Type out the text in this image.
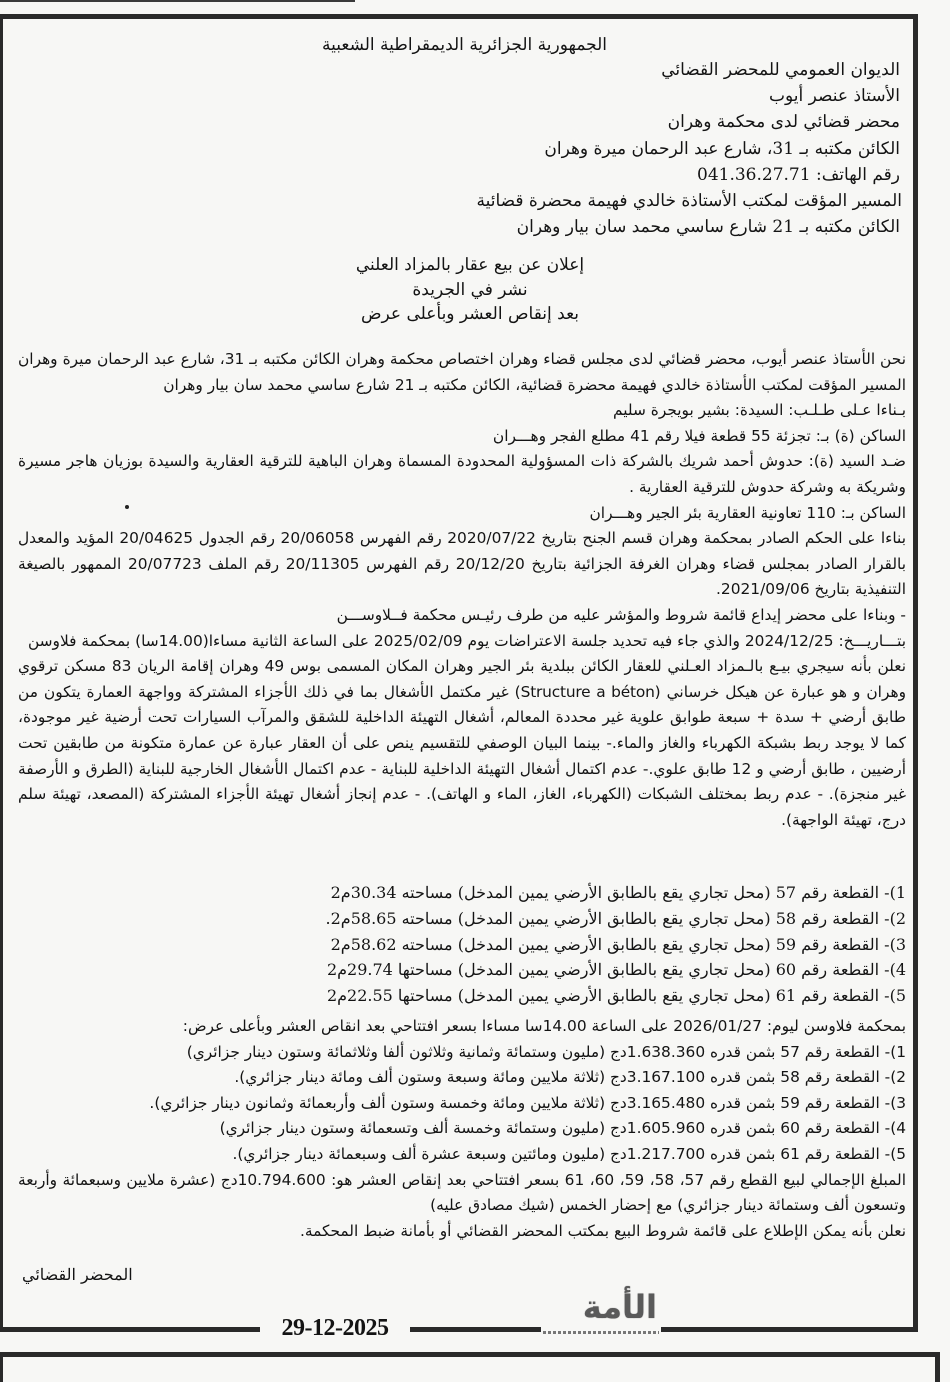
الجمهورية الجزائرية الديمقراطية الشعبية
الديوان العمومي للمحضر القضائي
الأستاذ عنصر أيوب
محضر قضائي لدى محكمة وهران
الكائن مكتبه بـ 31، شارع عبد الرحمان ميرة وهران
رقم الهاتف: 041.36.27.71
المسير المؤقت لمكتب الأستاذة خالدي فهيمة محضرة قضائية
الكائن مكتبه بـ 21 شارع ساسي محمد سان بيار وهران
إعلان عن بيع عقار بالمزاد العلني
نشر في الجريدة
بعد إنقاص العشر وبأعلى عرض

نحن الأستاذ عنصر أيوب، محضر قضائي لدى مجلس قضاء وهران اختصاص محكمة وهران الكائن مكتبه بـ 31، شارع عبد الرحمان ميرة وهران المسير المؤقت لمكتب الأستاذة خالدي فهيمة محضرة قضائية، الكائن مكتبه بـ 21 شارع ساسي محمد سان بيار وهران

بـناءا عـلى طـلـب: السيدة: بشير بويجرة سليم

الساكن (ة) بـ: تجزئة 55 قطعة فيلا رقم 41 مطلع الفجر وهـــران

ضـد السيد (ة): حدوش أحمد شريك بالشركة ذات المسؤولية المحدودة المسماة وهران الباهية للترقية العقارية والسيدة بوزيان هاجر مسيرة وشريكة به وشركة حدوش للترقية العقارية .

الساكن بـ: 110 تعاونية العقارية بئر الجير وهـــران

بناءا على الحكم الصادر بمحكمة وهران قسم الجنح بتاريخ 2020/07/22 رقم الفهرس 20/06058 رقم الجدول 20/04625 المؤيد والمعدل بالقرار الصادر بمجلس قضاء وهران الغرفة الجزائية بتاريخ 20/12/20 رقم الفهرس 20/11305 رقم الملف 20/07723 الممهور بالصيغة التنفيذية بتاريخ 2021/09/06.

- وبناءا على محضر إيداع قائمة شروط والمؤشر عليه من طرف رئيـس محكمة فــلاوســـن

بتـــاريـــخ: 2024/12/25 والذي جاء فيه تحديد جلسة الاعتراضات يوم 2025/02/09 على الساعة الثانية مساءا(14.00سا) بمحكمة فلاوسن

نعلن بأنه سيجري بيـع بالـمزاد العـلني للعقار الكائن ببلدية بئر الجير وهران المكان المسمى بوس 49 وهران إقامة الريان 83 مسكن ترقوي وهران و هو عبارة عن هيكل خرساني (Structure a béton) غير مكتمل الأشغال بما في ذلك الأجزاء المشتركة وواجهة العمارة يتكون من طابق أرضي + سدة + سبعة طوابق علوية غير محددة المعالم، أشغال التهيئة الداخلية للشقق والمرآب السيارات تحت أرضية غير موجودة، كما لا يوجد ربط بشبكة الكهرباء والغاز والماء.- بينما البيان الوصفي للتقسيم ينص على أن العقار عبارة عن عمارة متكونة من طابقين تحت أرضيين ، طابق أرضي و 12 طابق علوي.- عدم اكتمال أشغال التهيئة الداخلية للبناية - عدم اكتمال الأشغال الخارجية للبناية (الطرق و الأرصفة غير منجزة). - عدم ربط بمختلف الشبكات (الكهرباء، الغاز، الماء و الهاتف). - عدم إنجاز أشغال تهيئة الأجزاء المشتركة (المصعد، تهيئة سلم درج، تهيئة الواجهة).

1)- القطعة رقم 57 (محل تجاري يقع بالطابق الأرضي يمين المدخل) مساحته 30.34م2
2)- القطعة رقم 58 (محل تجاري يقع بالطابق الأرضي يمين المدخل) مساحته 58.65م2.
3)- القطعة رقم 59 (محل تجاري يقع بالطابق الأرضي يمين المدخل) مساحته 58.62م2
4)- القطعة رقم 60 (محل تجاري يقع بالطابق الأرضي يمين المدخل) مساحتها 29.74م2
5)- القطعة رقم 61 (محل تجاري يقع بالطابق الأرضي يمين المدخل) مساحتها 22.55م2

بمحكمة فلاوسن ليوم: 2026/01/27 على الساعة 14.00سا مساءا بسعر افتتاحي بعد انقاص العشر وبأعلى عرض:

1)- القطعة رقم 57 بثمن قدره 1.638.360دج (مليون وستمائة وثمانية وثلاثون ألفا وثلاثمائة وستون دينار جزائري)

2)- القطعة رقم 58 بثمن قدره 3.167.100دج (ثلاثة ملايين ومائة وسبعة وستون ألف ومائة دينار جزائري).

3)- القطعة رقم 59 بثمن قدره 3.165.480دج (ثلاثة ملايين ومائة وخمسة وستون ألف وأربعمائة وثمانون دينار جزائري).

4)- القطعة رقم 60 بثمن قدره 1.605.960دج (مليون وستمائة وخمسة ألف وتسعمائة وستون دينار جزائري)

5)- القطعة رقم 61 بثمن قدره 1.217.700دج (مليون ومائتين وسبعة عشرة ألف وسبعمائة دينار جزائري).

المبلغ الإجمالي لبيع القطع رقم 57، 58، 59، 60، 61 بسعر افتتاحي بعد إنقاص العشر هو: 10.794.600دج (عشرة ملايين وسبعمائة وأربعة وتسعون ألف وستمائة دينار جزائري) مع إحضار الخمس (شيك مصادق عليه)

نعلن بأنه يمكن الإطلاع على قائمة شروط البيع بمكتب المحضر القضائي أو بأمانة ضبط المحكمة.

المحضر القضائي
الأمة
29-12-2025
